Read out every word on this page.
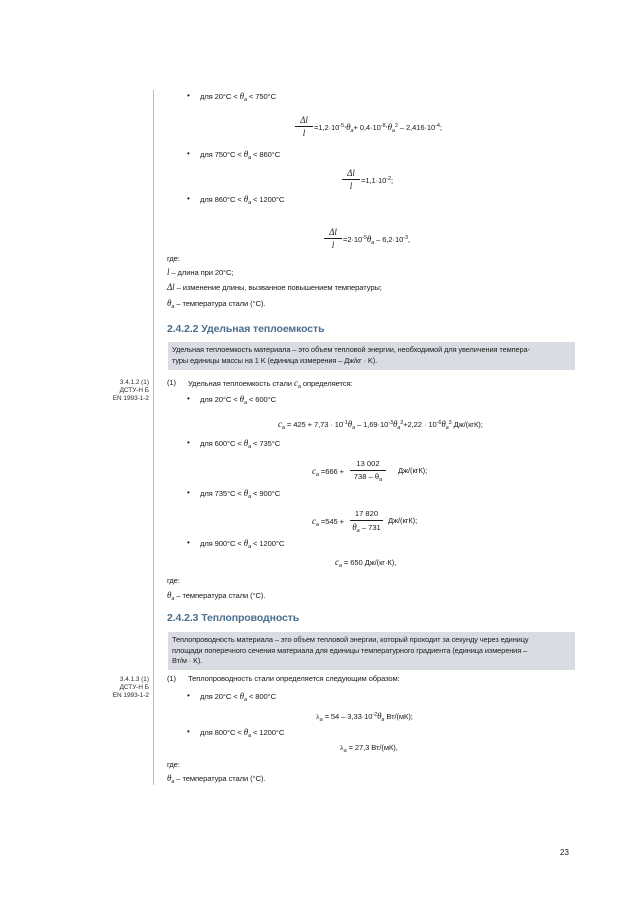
• для $20^\circ C < \theta_a < 750^\circ C$
$\frac{\Delta l}{l} =1,2\cdot 10^{-5}\cdot\theta_a+ 0,4\cdot 10^{-8}\cdot\theta_a^2 - 2,416\cdot 10^{-4}$;
• для $750^\circ C < \theta_a < 860^\circ C$
$\frac{\Delta l}{l} =1,1\cdot 10^{-2}$;
• для $860^\circ C < \theta_a < 1200^\circ C$
$\frac{\Delta l}{l} =2\cdot 10^{-5}\theta_a - 6,2\cdot 10^{-3}$,
где:
l – длина при 20°C;
Δl – изменение длины, вызванное повышением температуры;
$\theta_a$ – температура стали (°C).
2.4.2.2 Удельная теплоемкость
Удельная теплоемкость материала – это объем тепловой энергии, необходимой для увеличения темпера-
туры единицы массы на 1 K (единица измерения – Дж/кг · K).
3.4.1.2 (1)
ДСТУ-Н Б
EN 1993-1-2
(1) Удельная теплоемкость стали $c_a$ определяется:
• для $20^\circ C < \theta_a < 600^\circ C$
$c_a = 425 + 7,73 \cdot 10^{-1}\theta_a - 1,69\cdot 10^{-3}\theta_a^2+2,22 \cdot 10^{-6}\theta_a^3$ Дж/(кгК);
• для $600^\circ C < \theta_a < 735^\circ C$
$c_a =666 + \frac{13 002}{738 - \theta_a} Дж/(кгК)$;
• для $735^\circ C < \theta_a < 900^\circ C$
$c_a =545 + \frac{17 820}{\theta_a - 731} Дж/(кгК)$;
• для $900^\circ C < \theta_a < 1200^\circ C$
$c_a = 650$ Дж/(кг·К),
где:
$\theta_a$ – температура стали (°C).
2.4.2.3 Теплопроводность
Теплопроводность материала – это объем тепловой энергии, который проходит за секунду через единицу
площади поперечного сечения материала для единицы температурного градиента (единица измерения –
Вт/м · K).
3.4.1.3 (1)
ДСТУ-Н Б
EN 1993-1-2
(1) Теплопроводность стали определяется следующим образом:
• для $20^\circ C < \theta_a < 800^\circ C$
$\lambda_a = 54 - 3,33\cdot 10^{-2}\theta_a$ Вт/(мК);
• для $800^\circ C < \theta_a < 1200^\circ C$
$\lambda_a = 27,3$ Вт/(мК),
где:
$\theta_a$ – температура стали (°C).
23
